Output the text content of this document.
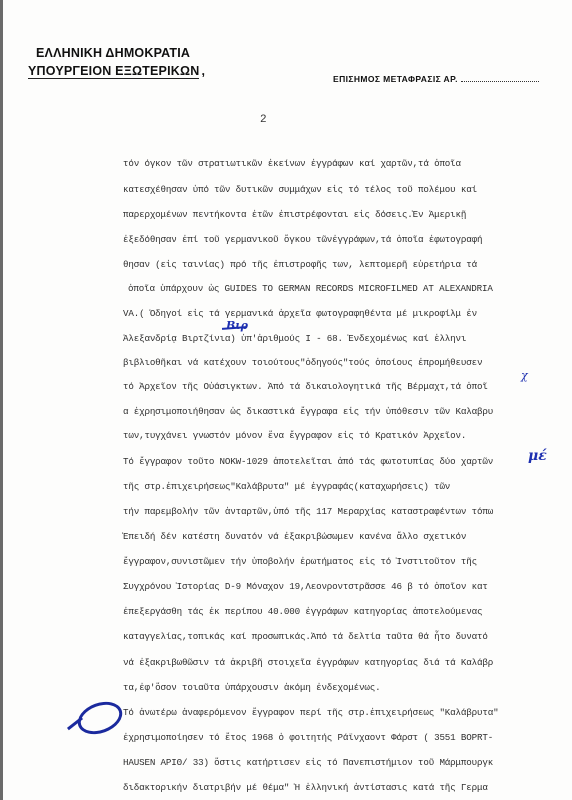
ΕΛΛΗΝΙΚΗ ΔΗΜΟΚΡΑΤΙΑ
ΥΠΟΥΡΓΕΙΟΝ ΕΞΩΤΕΡΙΚΩΝ ,
ΕΠΙΣΗΜΟΣ ΜΕΤΑΦΡΑΣΙΣ ΑΡ.
2
τόν όγκον τῶν στρατιωτικῶν ἐκείνων ἐγγράφων καί χαρτῶν,τά ὁποῖα
κατεσχέθησαν ὑπό τῶν δυτικῶν συμμάχων εἰς τό τέλος τοῦ πολέμου καί
παρερχομένων πεντήκοντα ἐτῶν ἐπιστρέφονται εἰς δόσεις.Ἐν Ἀμερικῇ
ἐξεδόθησαν ἐπί τοῦ γερμανικοῦ ὄγκου τῶνἐγγράφων,τά ὁποῖα ἐφωτογραφή
θησαν (εἰς ταινίας) πρό τῆς ἐπιστροφῆς των, λεπτομερῆ εὑρετήρια τά
ὁποῖα ὑπάρχουν ὡς GUIDES TO GERMAN RECORDS MICROFILMED AT ALEXANDRIA
VA.( Ὁδηγοί εἰς τά γερμανικά ἀρχεῖα φωτογραφηθέντα μέ μικροφίλμ ἐν
Ἀλεξανδρίᾳ Βιρτζίνια) ὑπ'ἀριθμούς Ι - 68. Ἐνδεχομένως καί ἑλληνι
βιβλιοθῆκαι νά κατέχουν τοιούτους"ὁδηγούς"τούς ὁποίους ἐπρομήθευσεν
τό Ἀρχεῖον τῆς Οὐάσιγκτων. Ἀπό τά δικαιολογητικά τῆς Βέρμαχτ,τά ὁποῖ
α ἐχρησιμοποιήθησαν ὡς δικαστικά ἔγγραφα εἰς τήν ὑπόθεσιν τῶν Καλαβρυ
των,τυγχάνει γνωστόν μόνον ἕνα ἔγγραφον εἰς τό Κρατικόν Ἀρχεῖον.
Τό ἔγγραφον τοῦτο NOKW-1029 ἀποτελεῖται ἀπό τάς φωτοτυπίας δύο χαρτῶν
τῆς στρ.ἐπιχειρήσεως"Καλάβρυτα" μέ ἐγγραφάς(καταχωρήσεις) τῶν
τήν παρεμβολήν τῶν ἀνταρτῶν,ὑπό τῆς 117 Μεραρχίας καταστραφέντων τόπω
Ἐπειδή δέν κατέστη δυνατόν νά ἐξακριβώσωμεν κανένα ἄλλο σχετικόν
ἔγγραφον,συνιστῶμεν τήν ὑποβολήν ἐρωτήματος εἰς τό Ἰνστιτοῦτον τῆς
Συγχρόνου Ἱστορίας D-9 Μόναχον 19,Λεονροντστρᾶσσε 46 β τό ὁποῖον κατ
ἐπεξεργάσθη τάς ἐκ περίπου 40.000 ἐγγράφων κατηγορίας ἀποτελούμενας
καταγγελίας,τοπικάς καί προσωπικάς.Ἀπό τά δελτία ταῦτα θά ἦτο δυνατό
νά ἐξακριβωθῶσιν τά ἀκριβῆ στοιχεῖα ἐγγράφων κατηγορίας διά τά Καλάβρ
τα,ἐφ'ὅσον τοιαῦτα ὑπάρχουσιν ἀκόμη ἐνδεχομένως.
Τό ἀνωτέρω ἀναφερόμενον ἔγγραφον περί τῆς στρ.ἐπιχειρήσεως "Καλάβρυτα"
ἐχρησιμοποίησεν τό ἔτος 1968 ὁ φοιτητής Ράϊνχαοντ Φάρστ ( 3551 BOPRT-
HAUSEN ΑΡΙΘ/ 33) ὅστις κατήρτισεν εἰς τό Πανεπιστήμιον τοῦ Μάρμπουργκ
διδακτορικήν διατριβήν μέ θέμα" Ἡ ἑλληνική ἀντίστασις κατά τῆς Γερμα
Βιρ
χ
μέ
